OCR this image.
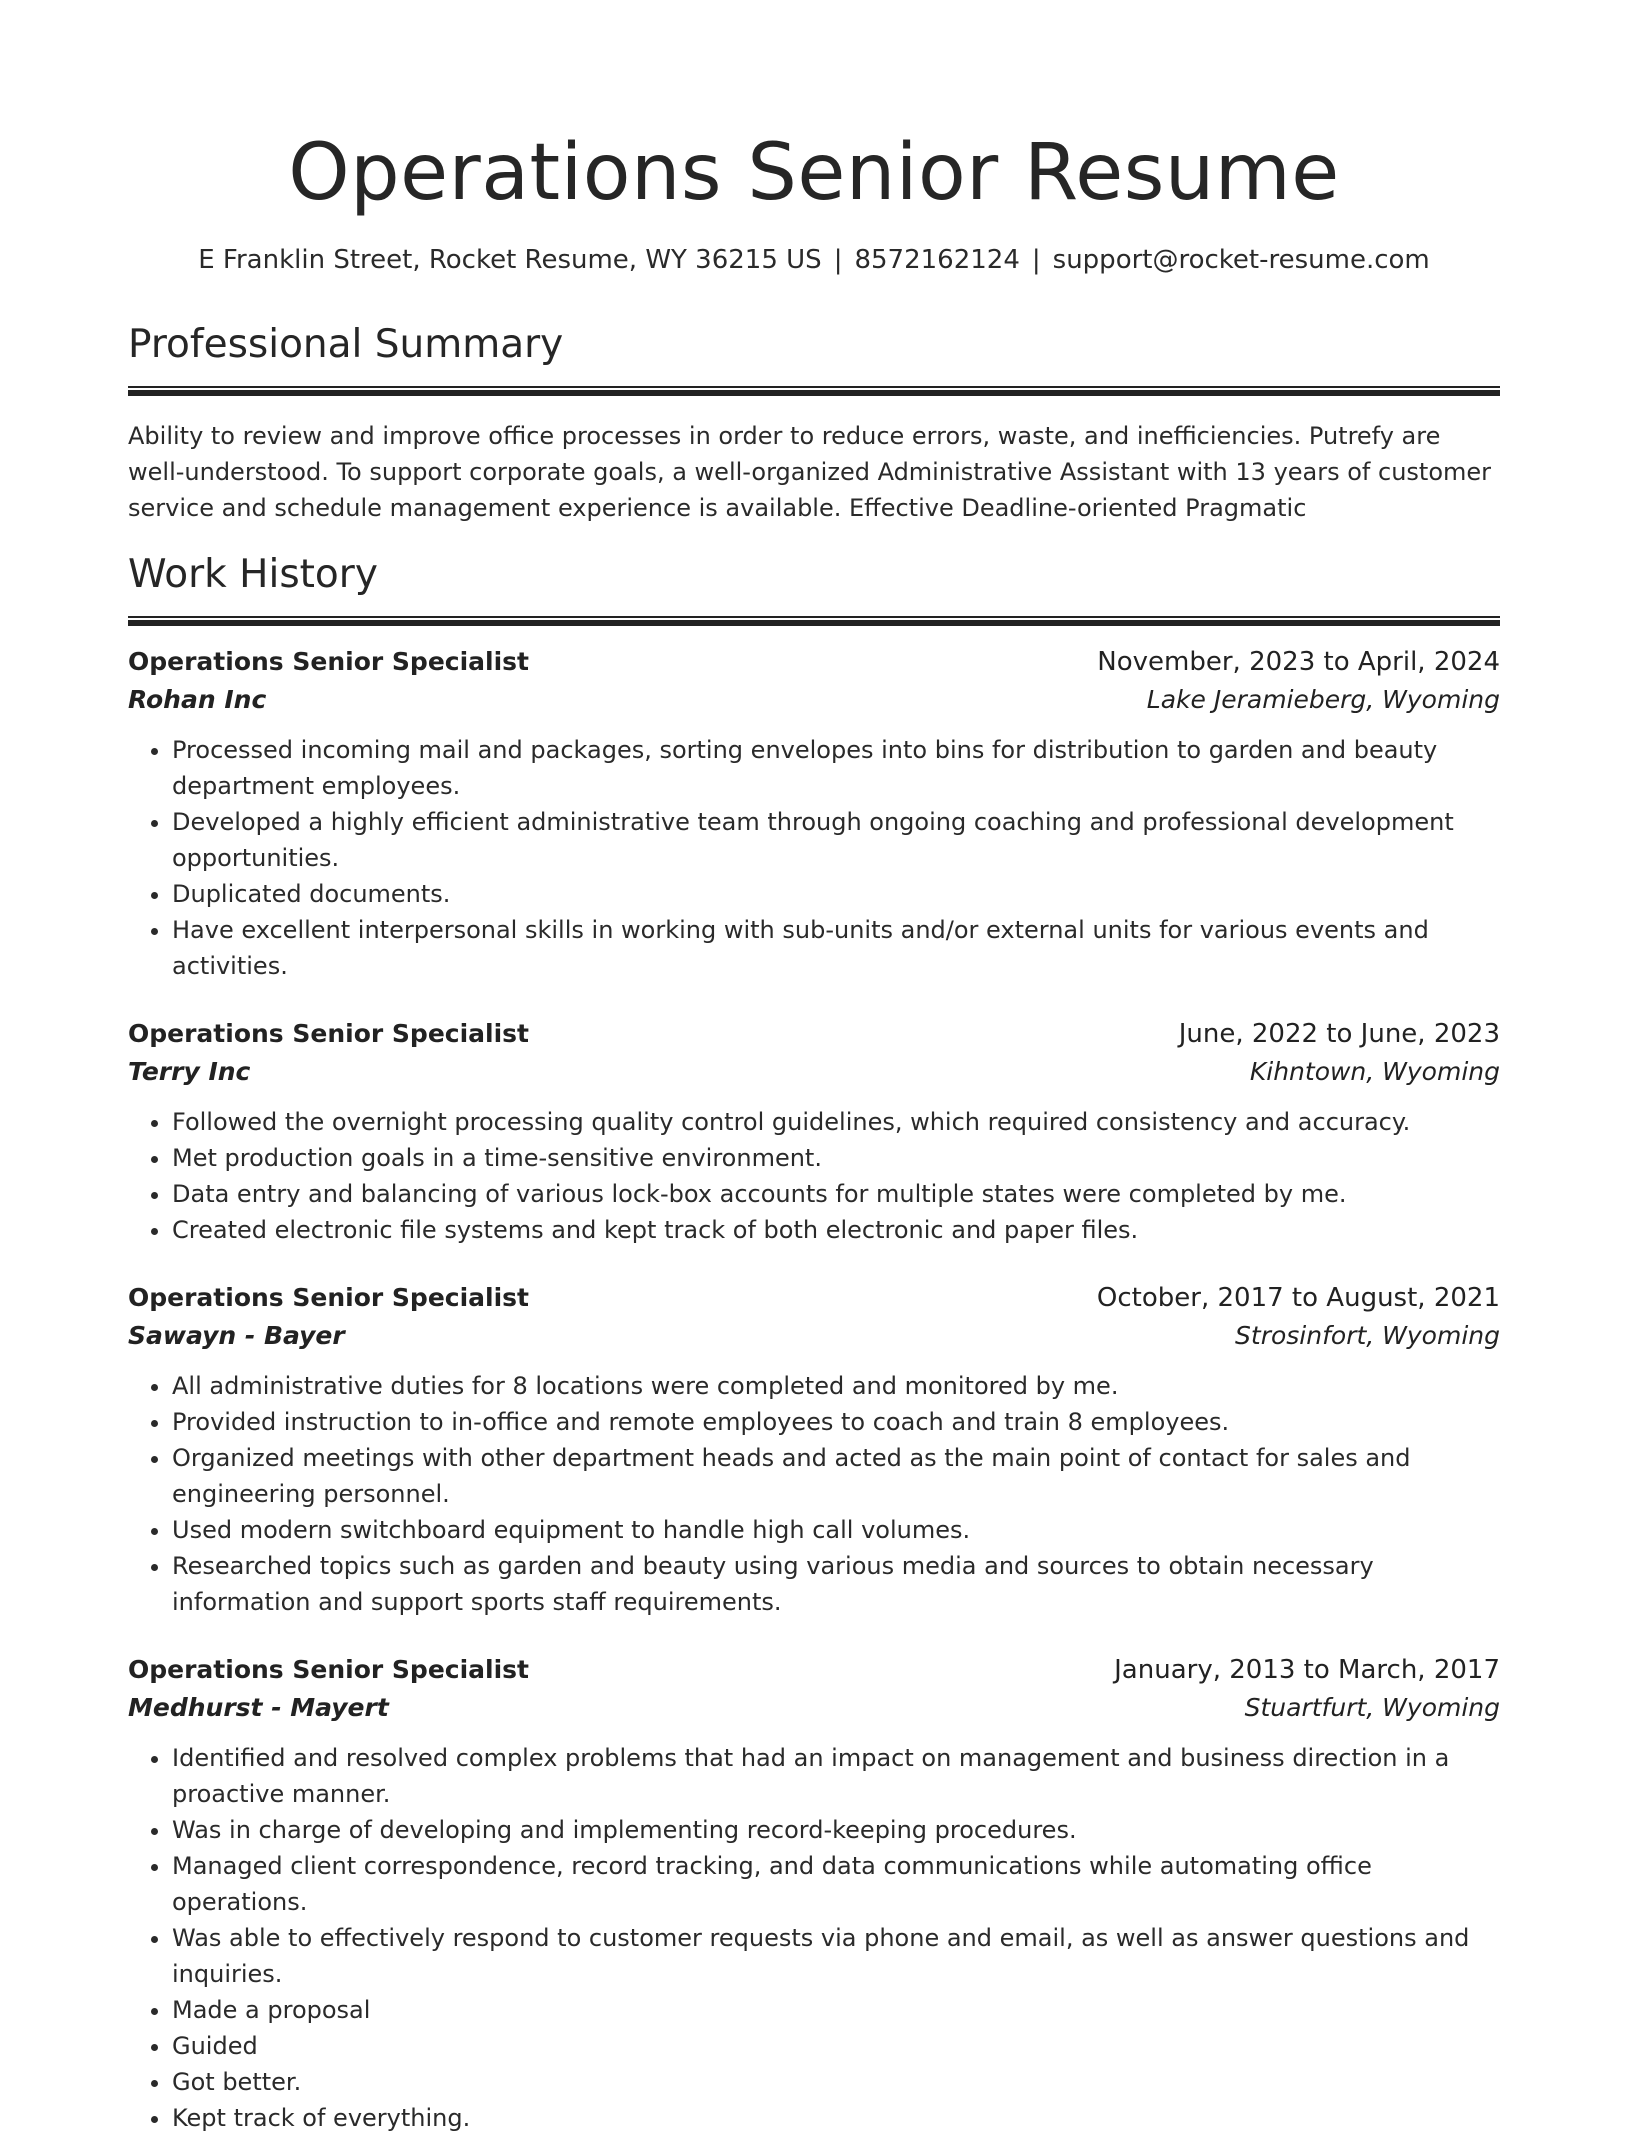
Operations Senior Resume
E Franklin Street, Rocket Resume, WY 36215 US | 8572162124 | support@rocket-resume.com
Professional Summary

Ability to review and improve office processes in order to reduce errors, waste, and inefficiencies. Putrefy are well-understood. To support corporate goals, a well-organized Administrative Assistant with 13 years of customer service and schedule management experience is available. Effective Deadline-oriented Pragmatic

Work History
Operations Senior Specialist	November, 2023 to April, 2024
Rohan Inc	Lake Jeramieberg, Wyoming
• Processed incoming mail and packages, sorting envelopes into bins for distribution to garden and beauty department employees.
• Developed a highly efficient administrative team through ongoing coaching and professional development opportunities.
• Duplicated documents.
• Have excellent interpersonal skills in working with sub-units and/or external units for various events and activities.
Operations Senior Specialist	June, 2022 to June, 2023
Terry Inc	Kihntown, Wyoming
• Followed the overnight processing quality control guidelines, which required consistency and accuracy.
• Met production goals in a time-sensitive environment.
• Data entry and balancing of various lock-box accounts for multiple states were completed by me.
• Created electronic file systems and kept track of both electronic and paper files.
Operations Senior Specialist	October, 2017 to August, 2021
Sawayn - Bayer	Strosinfort, Wyoming
• All administrative duties for 8 locations were completed and monitored by me.
• Provided instruction to in-office and remote employees to coach and train 8 employees.
• Organized meetings with other department heads and acted as the main point of contact for sales and engineering personnel.
• Used modern switchboard equipment to handle high call volumes.
• Researched topics such as garden and beauty using various media and sources to obtain necessary information and support sports staff requirements.
Operations Senior Specialist	January, 2013 to March, 2017
Medhurst - Mayert	Stuartfurt, Wyoming
• Identified and resolved complex problems that had an impact on management and business direction in a proactive manner.
• Was in charge of developing and implementing record-keeping procedures.
• Managed client correspondence, record tracking, and data communications while automating office operations.
• Was able to effectively respond to customer requests via phone and email, as well as answer questions and inquiries.
• Made a proposal
• Guided
• Got better.
• Kept track of everything.
